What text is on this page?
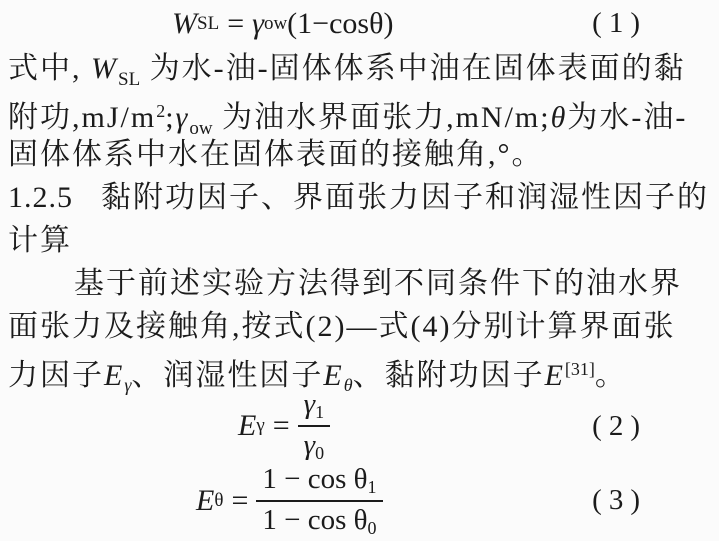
W SL = γ ow (1−cosθ)	(1)
式中, $W_{SL}$ 为水-油-固体体系中油在固体表面的黏
附功$,mJ/m^2;\gamma_{ow}$ 为油水界面张力,mN/m;θ为水-油-
固体体系中水在固体表面的接触角,°。
1.2.5 黏附功因子、界面张力因子和润湿性因子的
计算
基于前述实验方法得到不同条件下的油水界
面张力及接触角,按式(2)—式(4)分别计算界面张
力因子$E_\gamma$、润湿性因子$E_\theta$、黏附功因子E[31]。
E $\gamma = \frac{\gamma 1}{\gamma 0}$	(2)
E $\theta = \frac{\text{1 − cos θ1}}{\text{1 − cos θ0}}$	(3)
